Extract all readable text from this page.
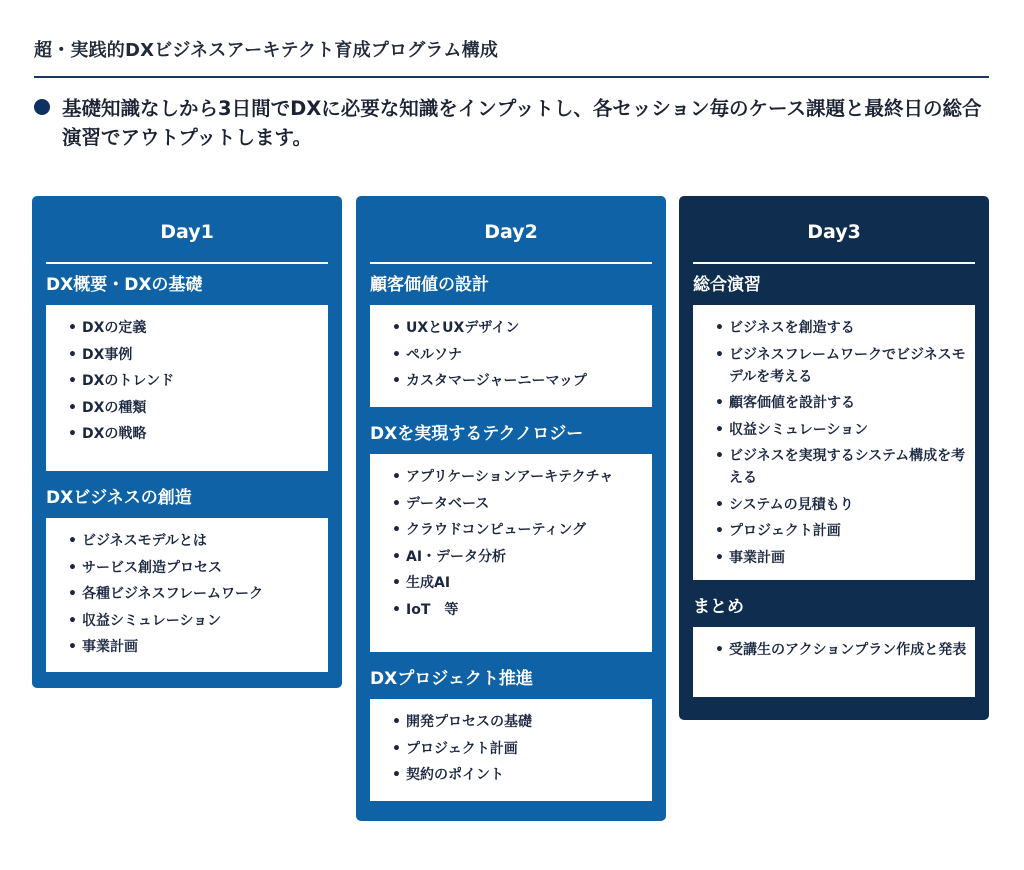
超・実践的DXビジネスアーキテクト育成プログラム構成
基礎知識なしから3日間でDXに必要な知識をインプットし、各セッション毎のケース課題と最終日の総合演習でアウトプットします。
Day1
DX概要・DXの基礎
• DXの定義
• DX事例
• DXのトレンド
• DXの種類
• DXの戦略
DXビジネスの創造
• ビジネスモデルとは
• サービス創造プロセス
• 各種ビジネスフレームワーク
• 収益シミュレーション
• 事業計画
Day2
顧客価値の設計
• UXとUXデザイン
• ペルソナ
• カスタマージャーニーマップ
DXを実現するテクノロジー
• アプリケーションアーキテクチャ
• データベース
• クラウドコンピューティング
• AI・データ分析
• 生成AI
• IoT　等
DXプロジェクト推進
• 開発プロセスの基礎
• プロジェクト計画
• 契約のポイント
Day3
総合演習
• ビジネスを創造する
• ビジネスフレームワークでビジネスモデルを考える
• 顧客価値を設計する
• 収益シミュレーション
• ビジネスを実現するシステム構成を考える
• システムの見積もり
• プロジェクト計画
• 事業計画
まとめ
• 受講生のアクションプラン作成と発表
